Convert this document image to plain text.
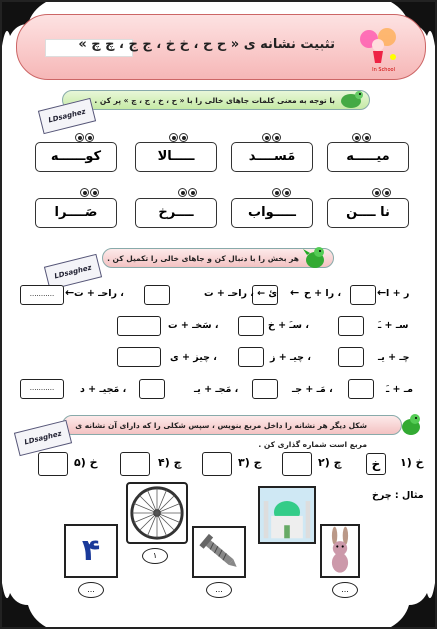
تثبیت نشانه ی « ح ح ، خ خ ، ج ج ، چ چ »
In School
با توجه به معنی کلمات جاهای خالی را با « ح ، خ ، ج ، چ » پر کن .
LDsaghez
میـــــه
مَســــد
ـــــالا
کوــــــه
نا ــــن
ـــــواب
ــــرخ
صَــــرا
هر بخش را با دنبال کن و جاهای خالی را تکمیل کن .
LDsaghez
ر + ا
←
، را + ح
←
ئ ← ، راحـ + ت
، راحـ + ت
←
...........
سـ + ـَ
، سـَ + خ
، سَخـ + ت
چـ + یـ
، چیـ + ز
، چیز + ی
مـ + ـَ
، مَـ + جـ
، مَجـ + یـ
، مَجیـ + د
...........
شکل دیگر هر نشانه را داخل مربع بنویس ، سپس شکلی را که دارای آن نشانه ی مربع است شماره گذاری کن .
LDsaghez
۱) خ
خ
۲) چ
۳) ج
۴) چ
۵) خ
مثال : چرخ
۱
...
...
۴
...
